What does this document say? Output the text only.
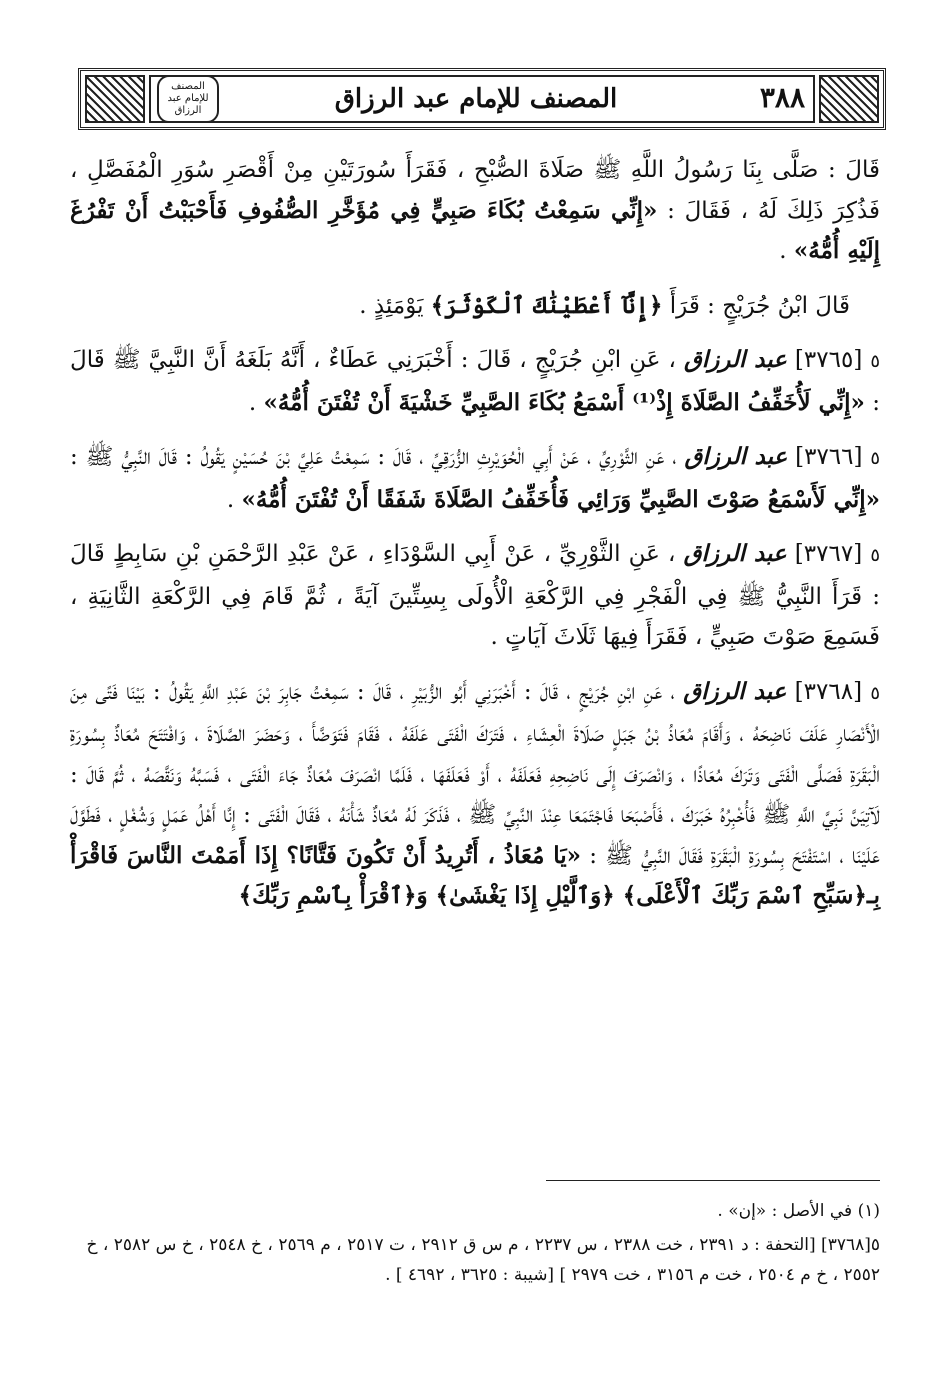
المصنف للإمام عبد الرزاق	المصنف للإمام عبد الرزاق	٣٨٨

قَالَ : صَلَّى بِنَا رَسُولُ اللَّهِ ﷺ صَلَاةَ الصُّبْحِ ، فَقَرَأَ سُورَتَيْنِ مِنْ أَقْصَرِ سُوَرِ الْمُفَصَّلِ ، فَذُكِرَ ذَلِكَ لَهُ ، فَقَالَ : «إِنِّي سَمِعْتُ بُكَاءَ صَبِيٍّ فِي مُؤَخَّرِ الصُّفُوفِ فَأَحْبَبْتُ أَنْ تَفْرُغَ إِلَيْهِ أُمُّهُ» .

قَالَ ابْنُ جُرَيْجٍ : قَرَأَ ﴿إِنَّآ أَعْطَيْنَٰكَ ٱلْكَوْثَرَ﴾ يَوْمَئِذٍ .

٥ [٣٧٦٥] عبد الرزاق ، عَنِ ابْنِ جُرَيْجٍ ، قَالَ : أَخْبَرَنِي عَطَاءٌ ، أَنَّهُ بَلَغَهُ أَنَّ النَّبِيَّ ﷺ قَالَ : «إِنِّي لَأُخَفِّفُ الصَّلَاةَ إِذْ⁽¹⁾ أَسْمَعُ بُكَاءَ الصَّبِيِّ خَشْيَةَ أَنْ تُفْتَنَ أُمُّهُ» .

٥ [٣٧٦٦] عبد الرزاق ، عَنِ الثَّوْرِيِّ ، عَنْ أَبِي الْحُوَيْرِثِ الزُّرَقِيِّ ، قَالَ : سَمِعْتُ عَلِيَّ بْنَ حُسَيْنٍ يَقُولُ : قَالَ النَّبِيُّ ﷺ : «إِنِّي لَأَسْمَعُ صَوْتَ الصَّبِيِّ وَرَائِي فَأُخَفِّفُ الصَّلَاةَ شَفَقًا أَنْ تُفْتَنَ أُمُّهُ» .

٥ [٣٧٦٧] عبد الرزاق ، عَنِ الثَّوْرِيِّ ، عَنْ أَبِي السَّوْدَاءِ ، عَنْ عَبْدِ الرَّحْمَنِ بْنِ سَابِطٍ قَالَ : قَرَأَ النَّبِيُّ ﷺ فِي الْفَجْرِ فِي الرَّكْعَةِ الْأُولَى بِسِتِّينَ آيَةً ، ثُمَّ قَامَ فِي الرَّكْعَةِ الثَّانِيَةِ ، فَسَمِعَ صَوْتَ صَبِيٍّ ، فَقَرَأَ فِيهَا ثَلَاثَ آيَاتٍ .

٥ [٣٧٦٨] عبد الرزاق ، عَنِ ابْنِ جُرَيْجٍ ، قَالَ : أَخْبَرَنِي أَبُو الزُّبَيْرِ ، قَالَ : سَمِعْتُ جَابِرَ بْنَ عَبْدِ اللَّهِ يَقُولُ : بَيْنَا فَتًى مِنَ الْأَنْصَارِ عَلَفَ نَاضِحَهُ ، وَأَقَامَ مُعَاذُ بْنُ جَبَلٍ صَلَاةَ الْعِشَاءِ ، فَتَرَكَ الْفَتَى عَلَفَهُ ، فَقَامَ فَتَوَضَّأَ ، وَحَضَرَ الصَّلَاةَ ، وَافْتَتَحَ مُعَاذٌ بِسُورَةِ الْبَقَرَةِ فَصَلَّى الْفَتَى وَتَرَكَ مُعَاذًا ، وَانْصَرَفَ إِلَى نَاضِحِهِ فَعَلَفَهُ ، أَوْ فَعَلَفَهَا ، فَلَمَّا انْصَرَفَ مُعَاذٌ جَاءَ الْفَتَى ، فَسَبَّهُ وَنَقَّصَهُ ، ثُمَّ قَالَ : لَآتِيَنَّ نَبِيَّ اللَّهِ ﷺ فَأُخْبِرُهُ خَبَرَكَ ، فَأَصْبَحَا فَاجْتَمَعَا عِنْدَ النَّبِيِّ ﷺ ، فَذَكَرَ لَهُ مُعَاذٌ شَأْنَهُ ، فَقَالَ الْفَتَى : إِنَّا أَهْلُ عَمَلٍ وَشُغْلٍ ، فَطَوَّلَ عَلَيْنَا ، اسْتَفْتَحَ بِسُورَةِ الْبَقَرَةِ فَقَالَ النَّبِيُّ ﷺ : «يَا مُعَاذُ ، أَتُرِيدُ أَنْ تَكُونَ فَتَّانًا؟ إِذَا أَمَمْتَ النَّاسَ فَاقْرَأْ بِـ﴿سَبِّحِ ٱسْمَ رَبِّكَ ٱلْأَعْلَى﴾ ﴿وَٱلَّيْلِ إِذَا يَغْشَىٰ﴾ وَ﴿ٱقْرَأْ بِٱسْمِ رَبِّكَ﴾

(١) في الأصل : «إن» .

٥[٣٧٦٨] [التحفة : د ٢٣٩١ ، خت ٢٣٨٨ ، س ٢٢٣٧ ، م س ق ٢٩١٢ ، ت ٢٥١٧ ، م ٢٥٦٩ ، خ ٢٥٤٨ ، خ س ٢٥٨٢ ، خ ٢٥٥٢ ، خ م ٢٥٠٤ ، خت م ٣١٥٦ ، خت ٢٩٧٩ ] [شيبة : ٣٦٢٥ ، ٤٦٩٢ ] .
